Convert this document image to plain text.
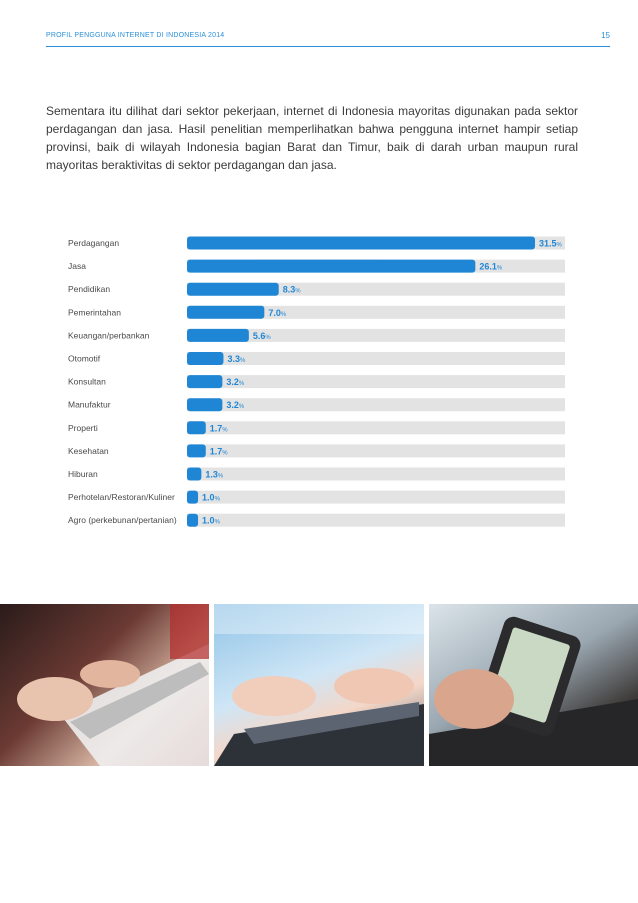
PROFIL PENGGUNA INTERNET DI INDONESIA 2014	15

Sementara itu dilihat dari sektor pekerjaan, internet di Indonesia mayoritas digunakan pada sektor perdagangan dan jasa. Hasil penelitian memperlihatkan bahwa pengguna internet hampir setiap provinsi, baik di wilayah Indonesia bagian Barat dan Timur, baik di darah urban maupun rural mayoritas beraktivitas di sektor perdagangan dan jasa.

Perdagangan	31.5%
Jasa	26.1%
Pendidikan	8.3%
Pemerintahan	7.0%
Keuangan/perbankan	5.6%
Otomotif	3.3%
Konsultan	3.2%
Manufaktur	3.2%
Properti	1.7%
Kesehatan	1.7%
Hiburan	1.3%
Perhotelan/Restoran/Kuliner	1.0%
Agro (perkebunan/pertanian)	1.0%
